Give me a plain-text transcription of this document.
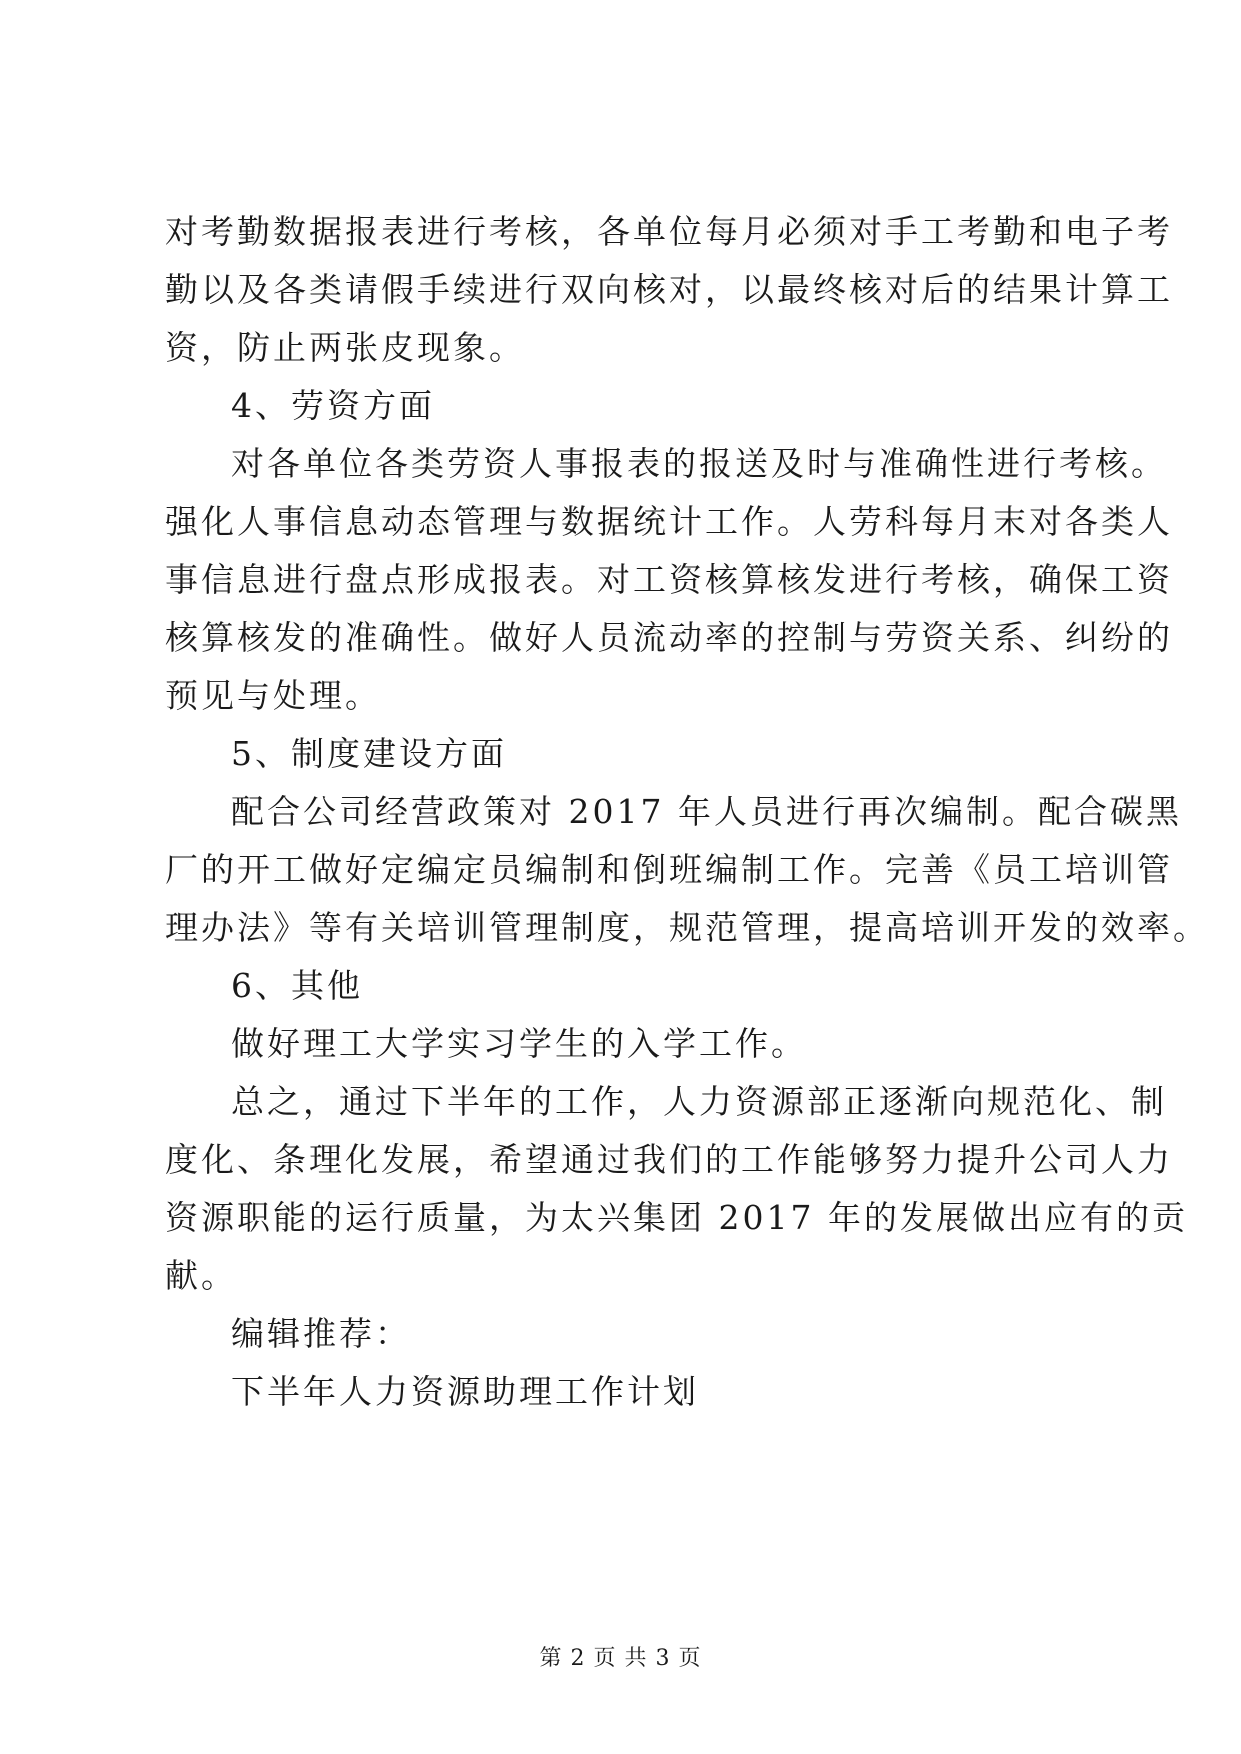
对考勤数据报表进行考核，各单位每月必须对手工考勤和电子考
勤以及各类请假手续进行双向核对，以最终核对后的结果计算工
资，防止两张皮现象。
4、劳资方面
对各单位各类劳资人事报表的报送及时与准确性进行考核。
强化人事信息动态管理与数据统计工作。人劳科每月末对各类人
事信息进行盘点形成报表。对工资核算核发进行考核，确保工资
核算核发的准确性。做好人员流动率的控制与劳资关系、纠纷的
预见与处理。
5、制度建设方面
配合公司经营政策对 2017 年人员进行再次编制。配合碳黑
厂的开工做好定编定员编制和倒班编制工作。完善《员工培训管
理办法》等有关培训管理制度，规范管理，提高培训开发的效率。
6、其他
做好理工大学实习学生的入学工作。
总之，通过下半年的工作，人力资源部正逐渐向规范化、制
度化、条理化发展，希望通过我们的工作能够努力提升公司人力
资源职能的运行质量，为太兴集团 2017 年的发展做出应有的贡
献。
编辑推荐：
下半年人力资源助理工作计划
第 2 页 共 3 页
